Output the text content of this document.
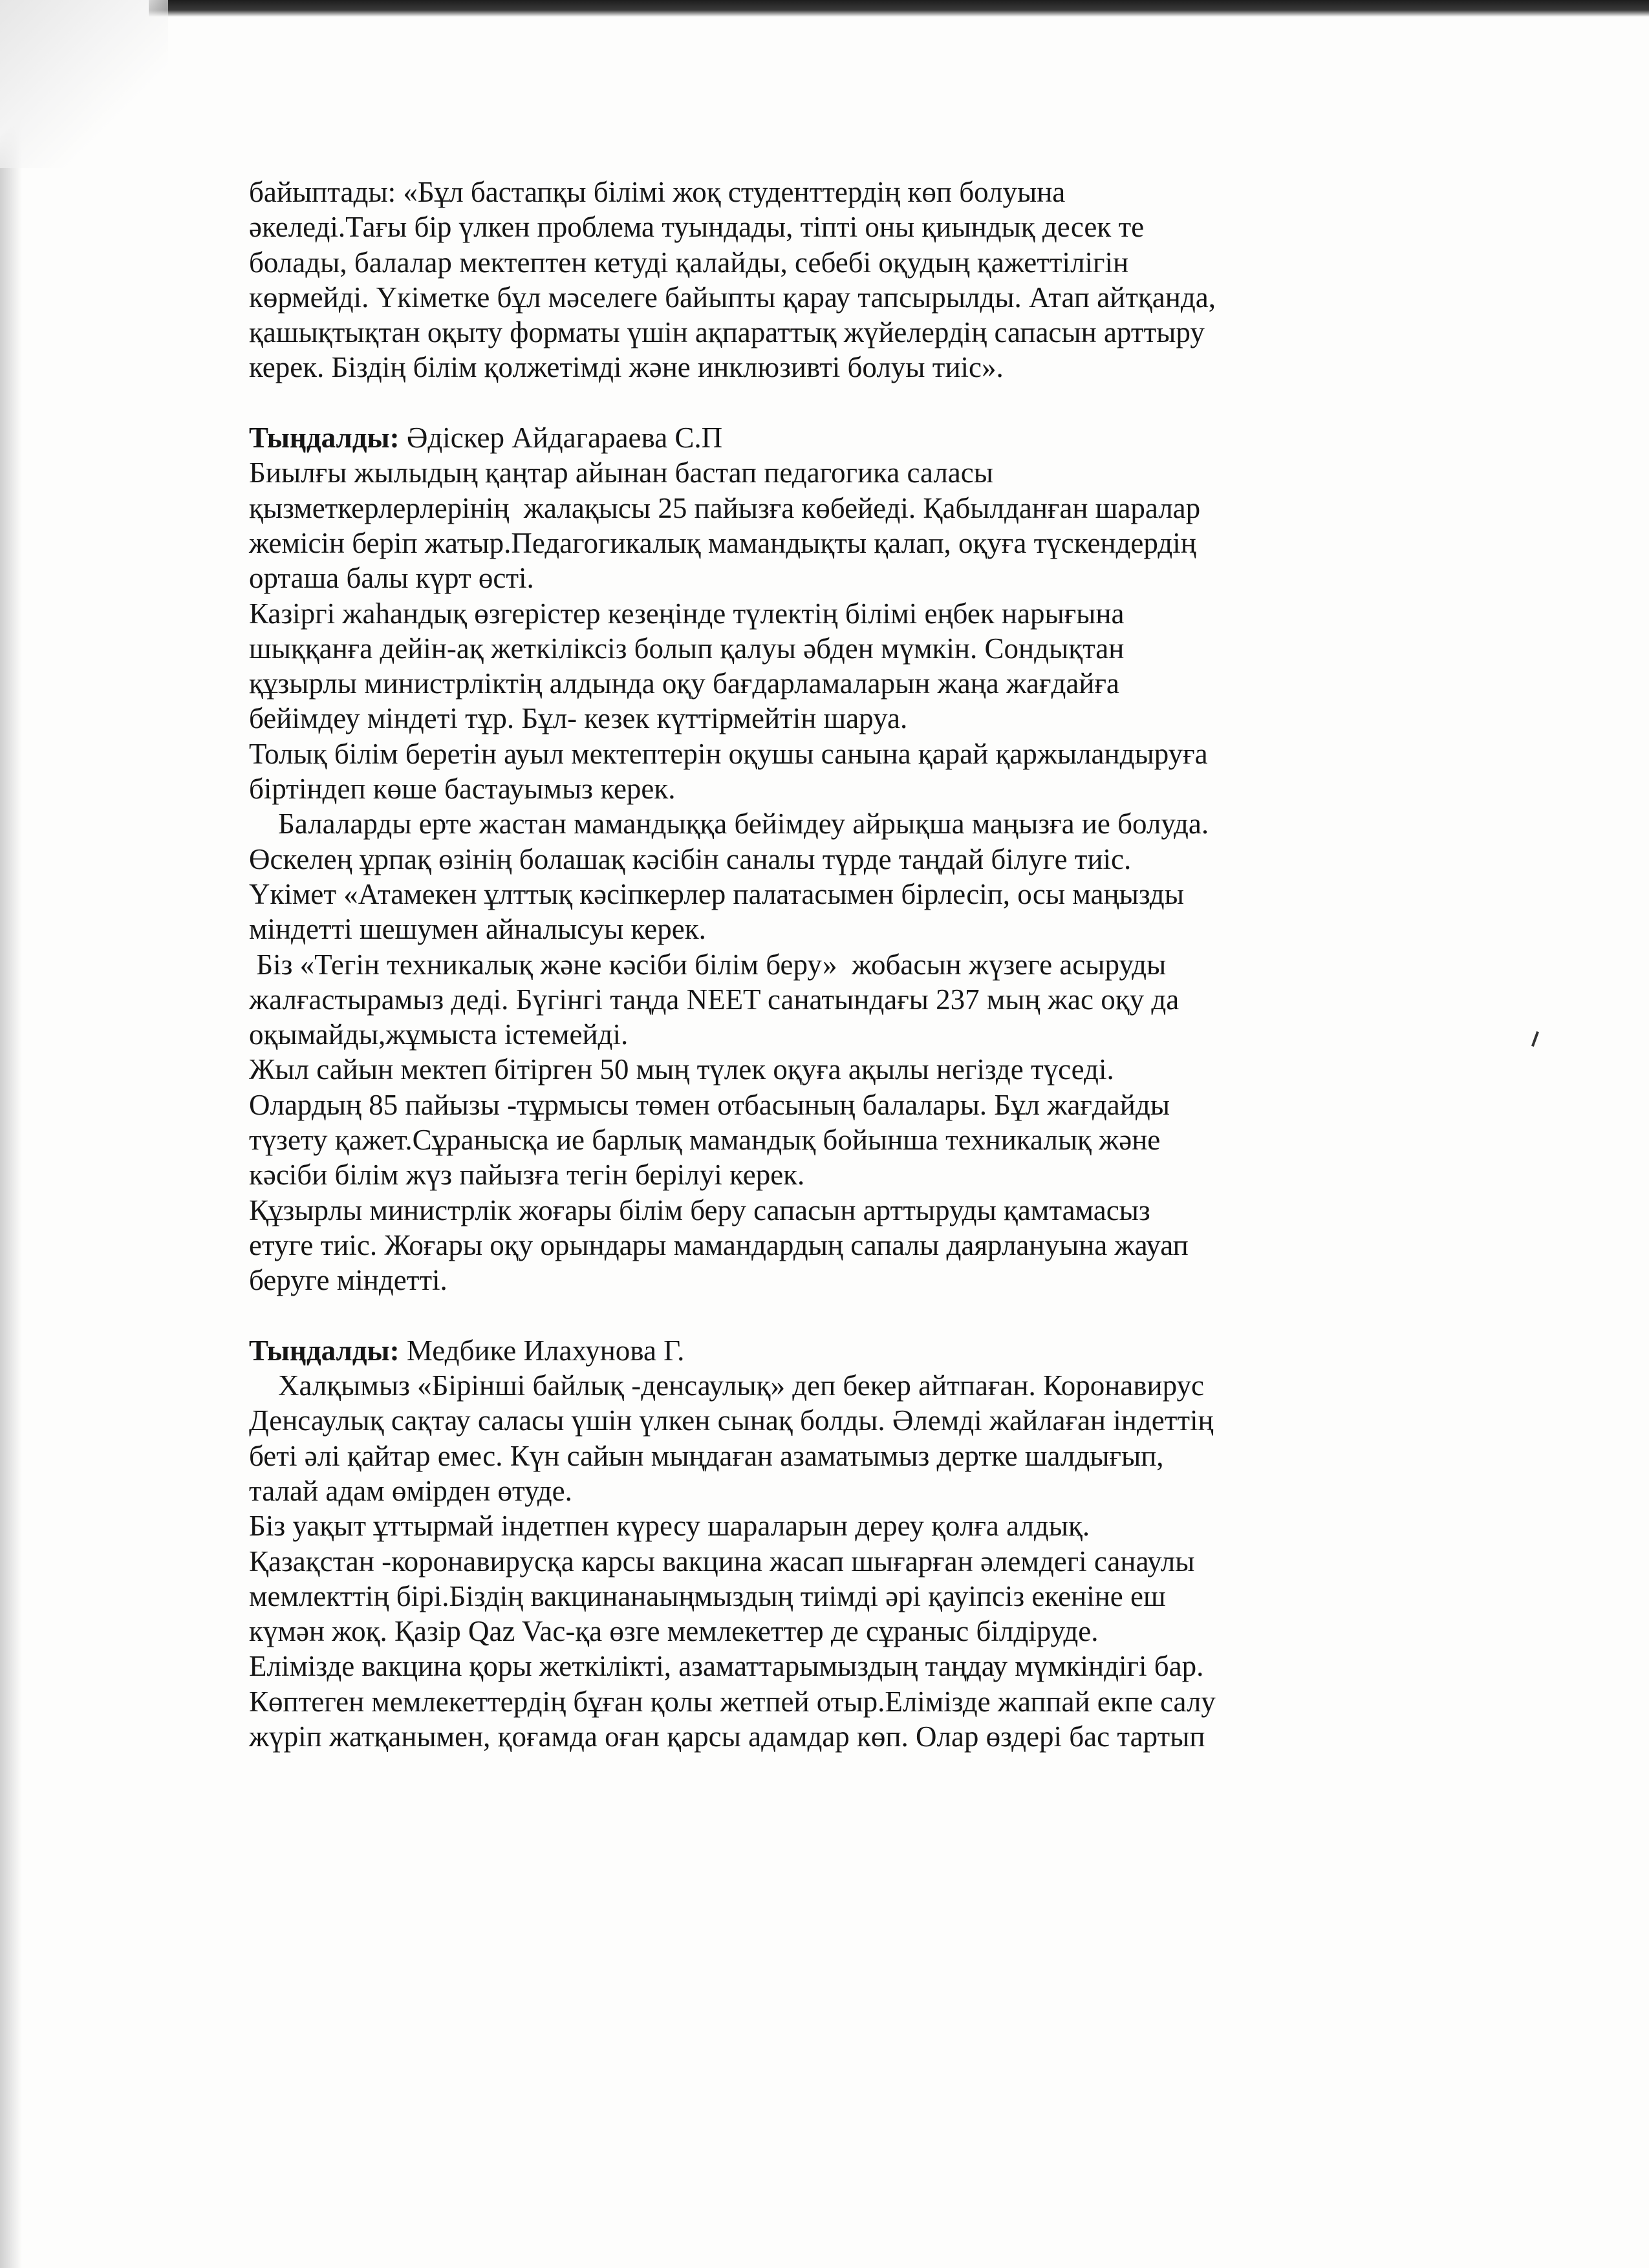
байыптады: «Бұл бастапқы білімі жоқ студенттердің көп болуына

әкеледі.Тағы бір үлкен проблема туындады, тіпті оны қиындық десек те

болады, балалар мектептен кетуді қалайды, себебі оқудың қажеттілігін

көрмейді. Үкіметке бұл мәселеге байыпты қарау тапсырылды. Атап айтқанда,

қашықтықтан оқыту форматы үшін ақпараттық жүйелердің сапасын арттыру

керек. Біздің білім қолжетімді және инклюзивті болуы тиіс».

Тыңдалды: Әдіскер Айдагараева С.П

Биылғы жылыдың қаңтар айынан бастап педагогика саласы

қызметкерлерлерінің  жалақысы 25 пайызға көбейеді. Қабылданған шаралар

жемісін беріп жатыр.Педагогикалық мамандықты қалап, оқуға түскендердің

орташа балы күрт өсті.

Казіргі жаһандық өзгерістер кезеңінде түлектің білімі еңбек нарығына

шыққанға дейін-ақ жеткіліксіз болып қалуы әбден мүмкін. Сондықтан

құзырлы министрліктің алдында оқу бағдарламаларын жаңа жағдайға

бейімдеу міндеті тұр. Бұл- кезек күттірмейтін шаруа.

Толық білім беретін ауыл мектептерін оқушы санына қарай қаржыландыруға

біртіндеп көше бастауымыз керек.

Балаларды ерте жастан мамандыққа бейімдеу айрықша маңызға ие болуда.

Өскелең ұрпақ өзінің болашақ кәсібін саналы түрде таңдай білуге тиіс.

Үкімет «Атамекен ұлттық кәсіпкерлер палатасымен бірлесіп, осы маңызды

міндетті шешумен айналысуы керек.

Біз «Тегін техникалық және кәсіби білім беру»  жобасын жүзеге асыруды

жалғастырамыз деді. Бүгінгі таңда NEET санатындағы 237 мың жас оқу да

оқымайды,жұмыста істемейді.

Жыл сайын мектеп бітірген 50 мың түлек оқуға ақылы негізде түседі.

Олардың 85 пайызы -тұрмысы төмен отбасының балалары. Бұл жағдайды

түзету қажет.Сұранысқа ие барлық мамандық бойынша техникалық және

кәсіби білім жүз пайызға тегін берілуі керек.

Құзырлы министрлік жоғары білім беру сапасын арттыруды қамтамасыз

етуге тиіс. Жоғары оқу орындары мамандардың сапалы даярлануына жауап

беруге міндетті.

Тыңдалды: Медбике Илахунова Г.

Халқымыз «Бірінші байлық -денсаулық» деп бекер айтпаған. Коронавирус

Денсаулық сақтау саласы үшін үлкен сынақ болды. Әлемді жайлаған індеттің

беті әлі қайтар емес. Күн сайын мыңдаған азаматымыз дертке шалдығып,

талай адам өмірден өтуде.

Біз уақыт ұттырмай індетпен күресу шараларын дереу қолға алдық.

Қазақстан -коронавирусқа карсы вакцина жасап шығарған әлемдегі санаулы

мемлекттің бірі.Біздің вакцинанаыңмыздың тиімді әрі қауіпсіз екеніне еш

күмән жоқ. Қазір Qaz Vac-қа өзге мемлекеттер де сұраныс білдіруде.

Елімізде вакцина қоры жеткілікті, азаматтарымыздың таңдау мүмкіндігі бар.

Көптеген мемлекеттердің бұған қолы жетпей отыр.Елімізде жаппай екпе салу

жүріп жатқанымен, қоғамда оған қарсы адамдар көп. Олар өздері бас тартып
